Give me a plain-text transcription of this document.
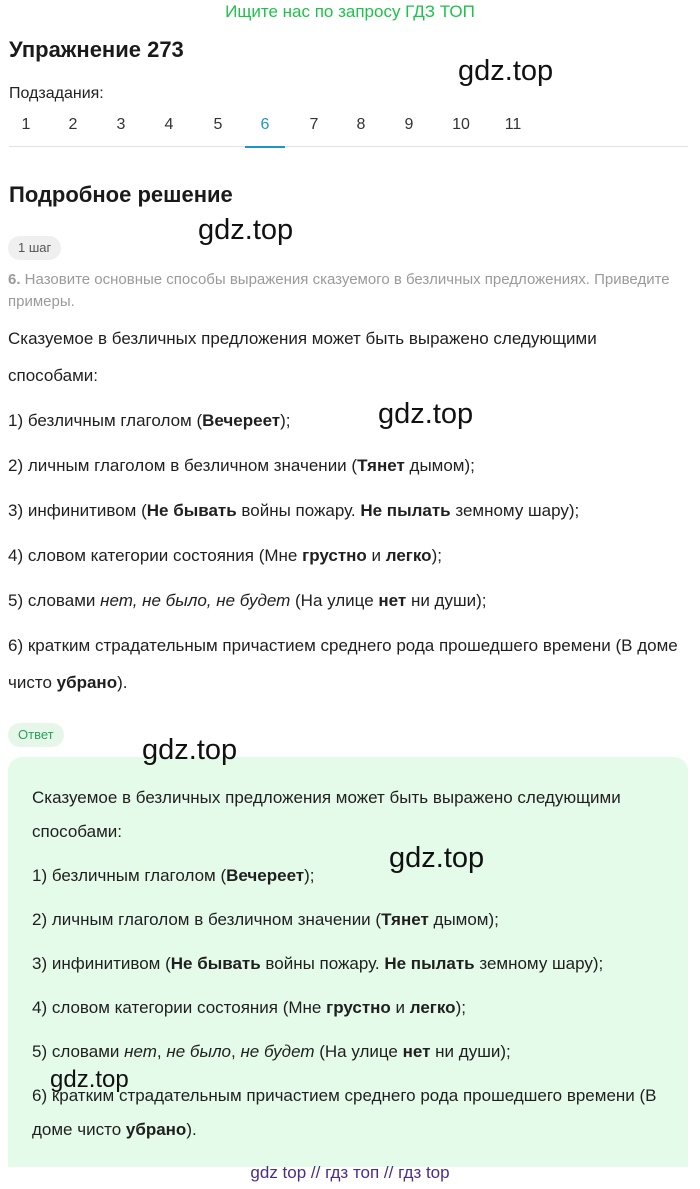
Ищите нас по запросу ГДЗ ТОП
Упражнение 273
Подзадания:
1	2	3	4	5	6	7	8	9	10	11
Подробное решение
1 шаг
6. Назовите основные способы выражения сказуемого в безличных предложениях. Приведите примеры.

Сказуемое в безличных предложения может быть выражено следующими способами:

1) безличным глаголом (Вечереет);

2) личным глаголом в безличном значении (Тянет дымом);

3) инфинитивом (Не бывать войны пожару. Не пылать земному шару);

4) словом категории состояния (Мне грустно и легко);

5) словами нет, не было, не будет (На улице нет ни души);

6) кратким страдательным причастием среднего рода прошедшего времени (В доме чисто убрано).

Ответ

Сказуемое в безличных предложения может быть выражено следующими способами:

1) безличным глаголом (Вечереет);

2) личным глаголом в безличном значении (Тянет дымом);

3) инфинитивом (Не бывать войны пожару. Не пылать земному шару);

4) словом категории состояния (Мне грустно и легко);

5) словами нет, не было, не будет (На улице нет ни души);

6) кратким страдательным причастием среднего рода прошедшего времени (В доме чисто убрано).

gdz.top
gdz.top
gdz.top
gdz.top
gdz.top
gdz.top
gdz top // гдз топ // гдз top
